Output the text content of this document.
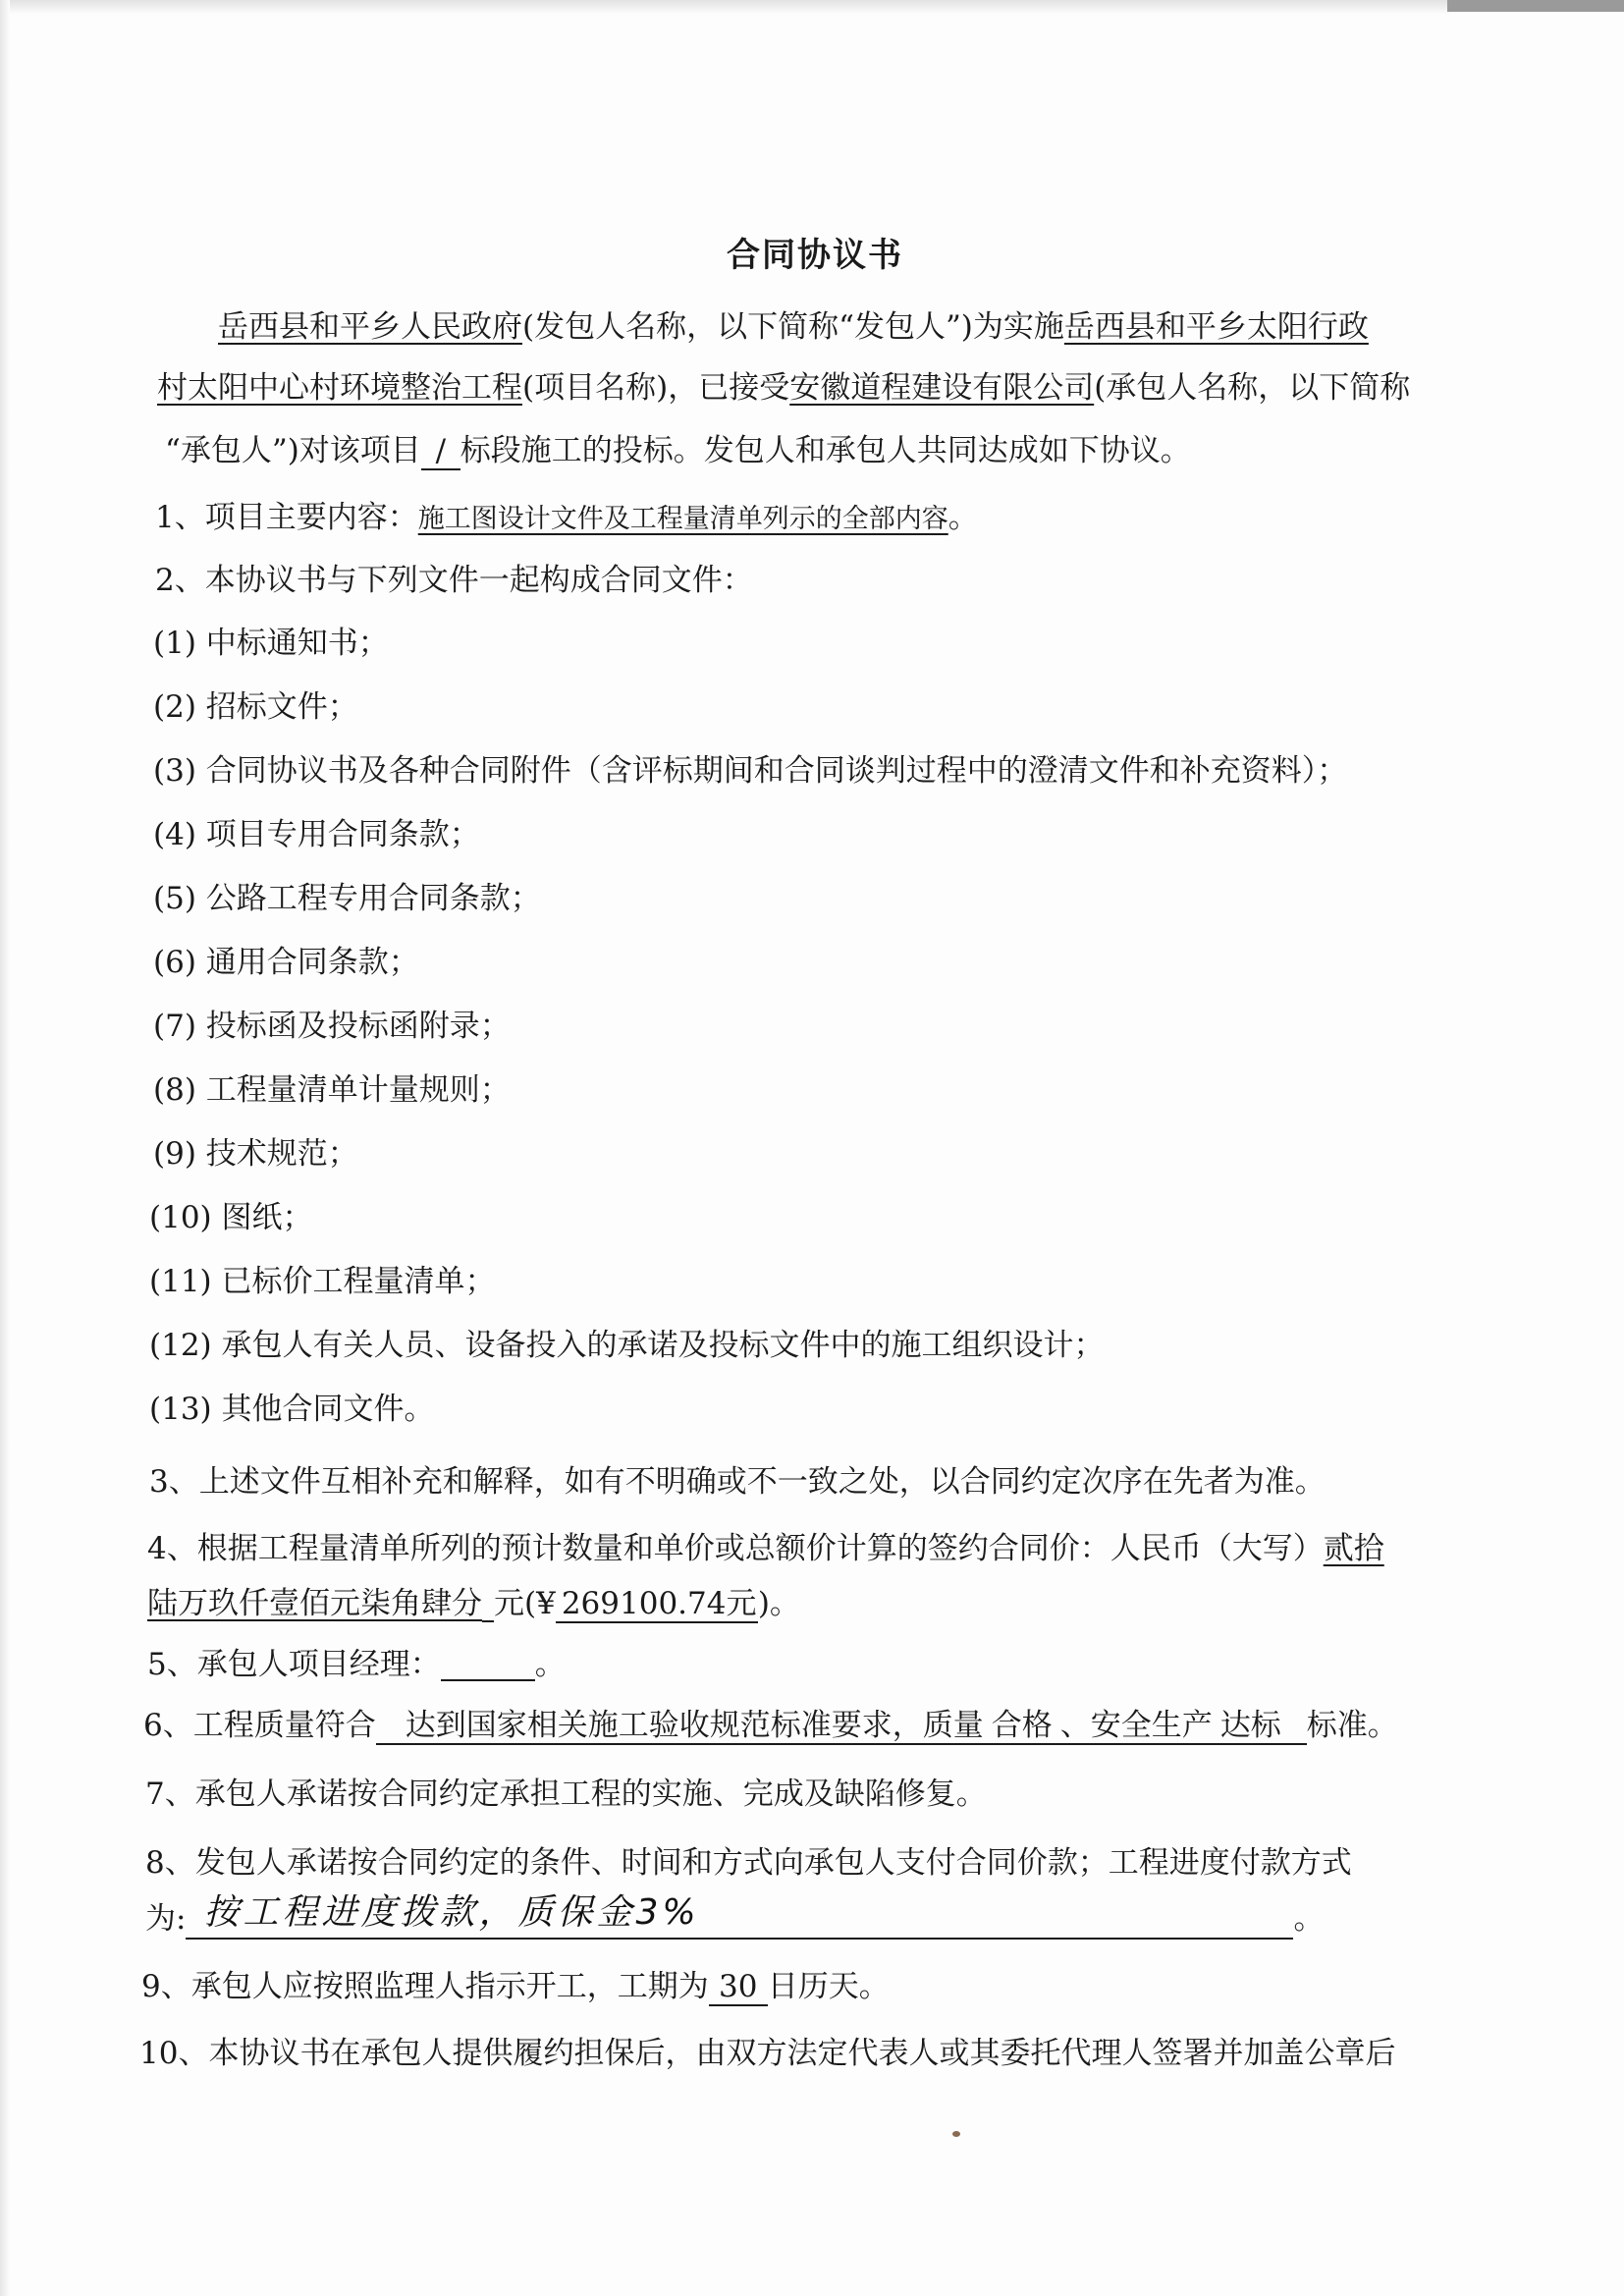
合同协议书
岳西县和平乡人民政府(发包人名称，以下简称“发包人”)为实施岳西县和平乡太阳行政
村太阳中心村环境整治工程(项目名称)，已接受安徽道程建设有限公司(承包人名称，以下简称
“承包人”)对该项目 / 标段施工的投标。发包人和承包人共同达成如下协议。
1、项目主要内容：施工图设计文件及工程量清单列示的全部内容。
2、本协议书与下列文件一起构成合同文件：
(1) 中标通知书；
(2) 招标文件；
(3) 合同协议书及各种合同附件（含评标期间和合同谈判过程中的澄清文件和补充资料）；
(4) 项目专用合同条款；
(5) 公路工程专用合同条款；
(6) 通用合同条款；
(7) 投标函及投标函附录；
(8) 工程量清单计量规则；
(9) 技术规范；
(10) 图纸；
(11) 已标价工程量清单；
(12) 承包人有关人员、设备投入的承诺及投标文件中的施工组织设计；
(13) 其他合同文件。
3、上述文件互相补充和解释，如有不明确或不一致之处，以合同约定次序在先者为准。
4、根据工程量清单所列的预计数量和单价或总额价计算的签约合同价：人民币（大写）贰拾
陆万玖仟壹佰元柒角肆分 元(¥ 269100.74元)。
5、承包人项目经理：	。
6、工程质量符合 达到国家相关施工验收规范标准要求，质量 合格 、安全生产 达标 标准。
7、承包人承诺按合同约定承担工程的实施、完成及缺陷修复。
8、发包人承诺按合同约定的条件、时间和方式向承包人支付合同价款；工程进度付款方式
为: 按工程进度拨款，质保金3%	。
9、承包人应按照监理人指示开工，工期为 30 日历天。
10、本协议书在承包人提供履约担保后，由双方法定代表人或其委托代理人签署并加盖公章后
